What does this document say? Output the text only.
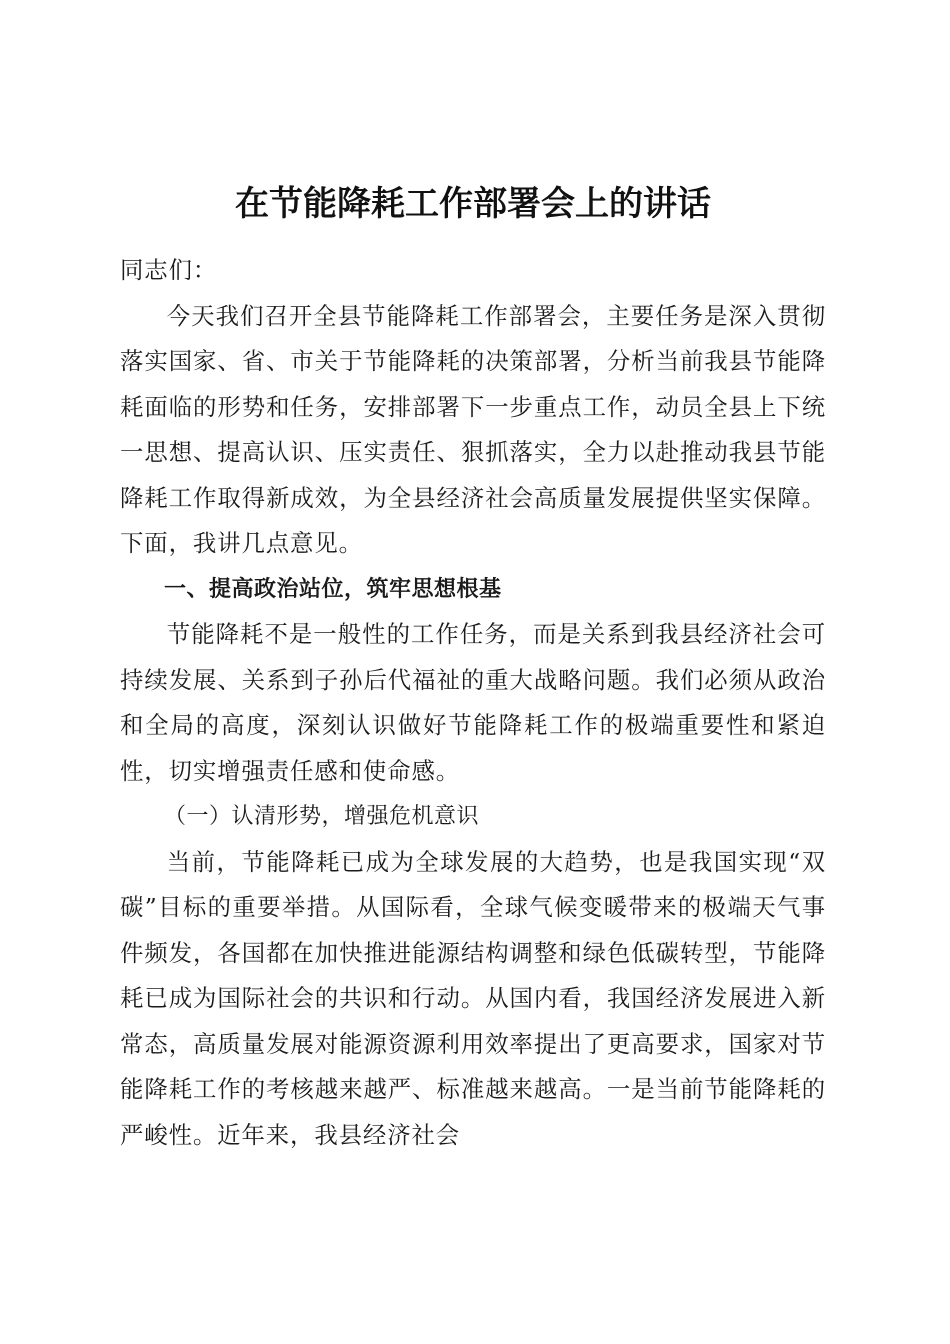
在节能降耗工作部署会上的讲话

同志们：

今天我们召开全县节能降耗工作部署会，主要任务是深入贯彻落实国家、省、市关于节能降耗的决策部署，分析当前我县节能降耗面临的形势和任务，安排部署下一步重点工作，动员全县上下统一思想、提高认识、压实责任、狠抓落实，全力以赴推动我县节能降耗工作取得新成效，为全县经济社会高质量发展提供坚实保障。下面，我讲几点意见。

一、提高政治站位，筑牢思想根基

节能降耗不是一般性的工作任务，而是关系到我县经济社会可持续发展、关系到子孙后代福祉的重大战略问题。我们必须从政治和全局的高度，深刻认识做好节能降耗工作的极端重要性和紧迫性，切实增强责任感和使命感。

（一）认清形势，增强危机意识

当前，节能降耗已成为全球发展的大趋势，也是我国实现“双碳”目标的重要举措。从国际看，全球气候变暖带来的极端天气事件频发，各国都在加快推进能源结构调整和绿色低碳转型，节能降耗已成为国际社会的共识和行动。从国内看，我国经济发展进入新常态，高质量发展对能源资源利用效率提出了更高要求，国家对节能降耗工作的考核越来越严、标准越来越高。一是当前节能降耗的严峻性。近年来，我县经济社会
